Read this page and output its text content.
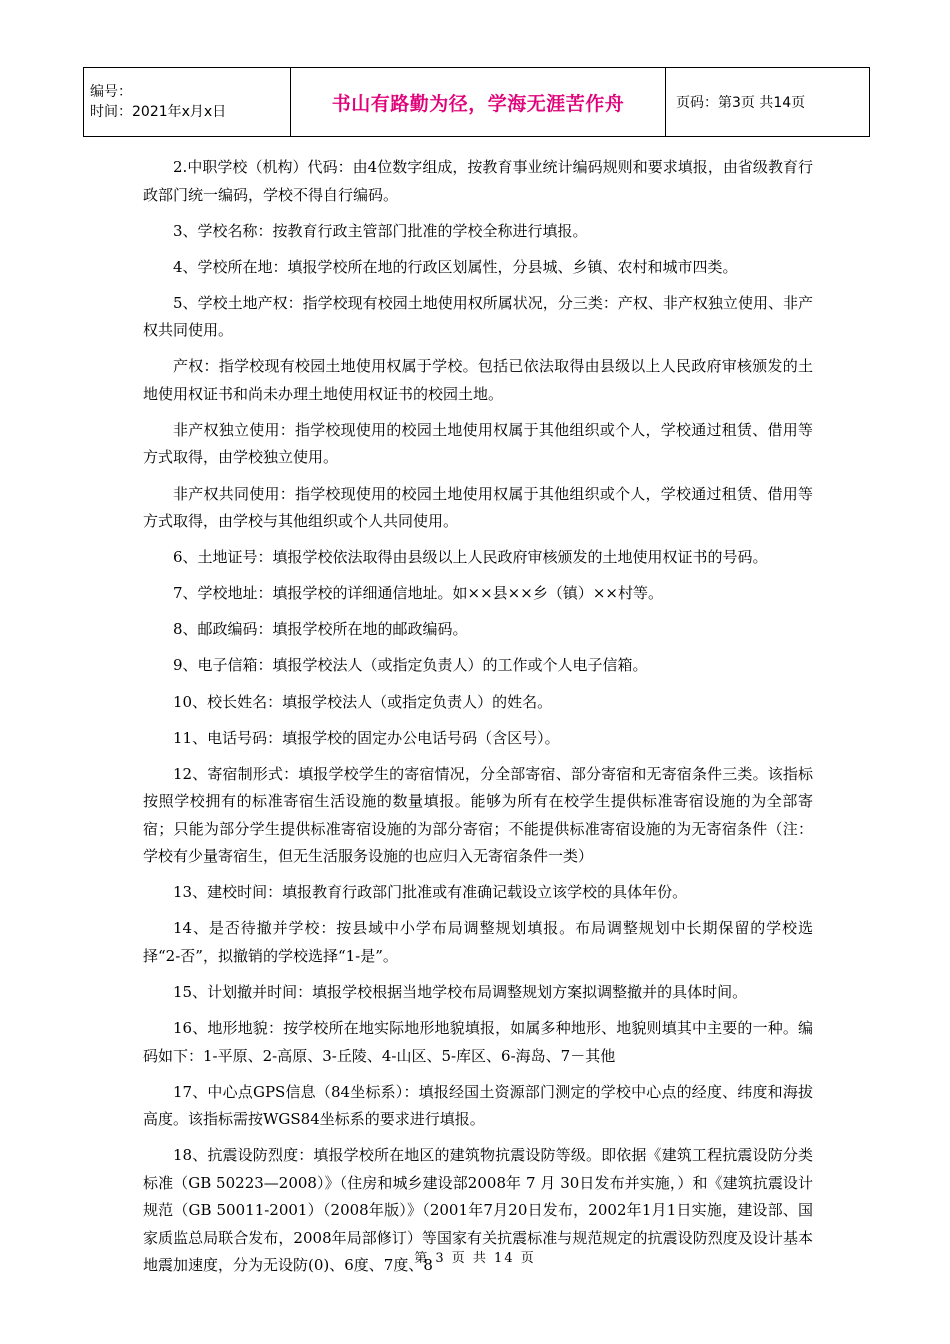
编号：
时间：2021年x月x日	书山有路勤为径，学海无涯苦作舟	页码：第3页 共14页

2.中职学校（机构）代码：由4位数字组成，按教育事业统计编码规则和要求填报，由省级教育行政部门统一编码，学校不得自行编码。

3、学校名称：按教育行政主管部门批准的学校全称进行填报。

4、学校所在地：填报学校所在地的行政区划属性，分县城、乡镇、农村和城市四类。

5、学校土地产权：指学校现有校园土地使用权所属状况，分三类：产权、非产权独立使用、非产权共同使用。

产权：指学校现有校园土地使用权属于学校。包括已依法取得由县级以上人民政府审核颁发的土地使用权证书和尚未办理土地使用权证书的校园土地。

非产权独立使用：指学校现使用的校园土地使用权属于其他组织或个人，学校通过租赁、借用等方式取得，由学校独立使用。

非产权共同使用：指学校现使用的校园土地使用权属于其他组织或个人，学校通过租赁、借用等方式取得，由学校与其他组织或个人共同使用。

6、土地证号：填报学校依法取得由县级以上人民政府审核颁发的土地使用权证书的号码。

7、学校地址：填报学校的详细通信地址。如××县××乡（镇）××村等。

8、邮政编码：填报学校所在地的邮政编码。

9、电子信箱：填报学校法人（或指定负责人）的工作或个人电子信箱。

10、校长姓名：填报学校法人（或指定负责人）的姓名。

11、电话号码：填报学校的固定办公电话号码（含区号）。

12、寄宿制形式：填报学校学生的寄宿情况，分全部寄宿、部分寄宿和无寄宿条件三类。该指标按照学校拥有的标准寄宿生活设施的数量填报。能够为所有在校学生提供标准寄宿设施的为全部寄宿；只能为部分学生提供标准寄宿设施的为部分寄宿；不能提供标准寄宿设施的为无寄宿条件（注：学校有少量寄宿生，但无生活服务设施的也应归入无寄宿条件一类）

13、建校时间：填报教育行政部门批准或有准确记载设立该学校的具体年份。

14、是否待撤并学校：按县域中小学布局调整规划填报。布局调整规划中长期保留的学校选择“2-否”，拟撤销的学校选择“1-是”。

15、计划撤并时间：填报学校根据当地学校布局调整规划方案拟调整撤并的具体时间。

16、地形地貌：按学校所在地实际地形地貌填报，如属多种地形、地貌则填其中主要的一种。编码如下：1-平原、2-高原、3-丘陵、4-山区、5-库区、6-海岛、7－其他

17、中心点GPS信息（84坐标系）：填报经国土资源部门测定的学校中心点的经度、纬度和海拔高度。该指标需按WGS84坐标系的要求进行填报。

18、抗震设防烈度：填报学校所在地区的建筑物抗震设防等级。即依据《建筑工程抗震设防分类标准（GB 50223—2008）》（住房和城乡建设部2008年 7 月 30日发布并实施，）和《建筑抗震设计规范（GB 50011-2001）（2008年版）》（2001年7月20日发布，2002年1月1日实施，建设部、国家质监总局联合发布，2008年局部修订）等国家有关抗震标准与规范规定的抗震设防烈度及设计基本地震加速度，分为无设防(0)、6度、7度、8

第 3 页 共 14 页
